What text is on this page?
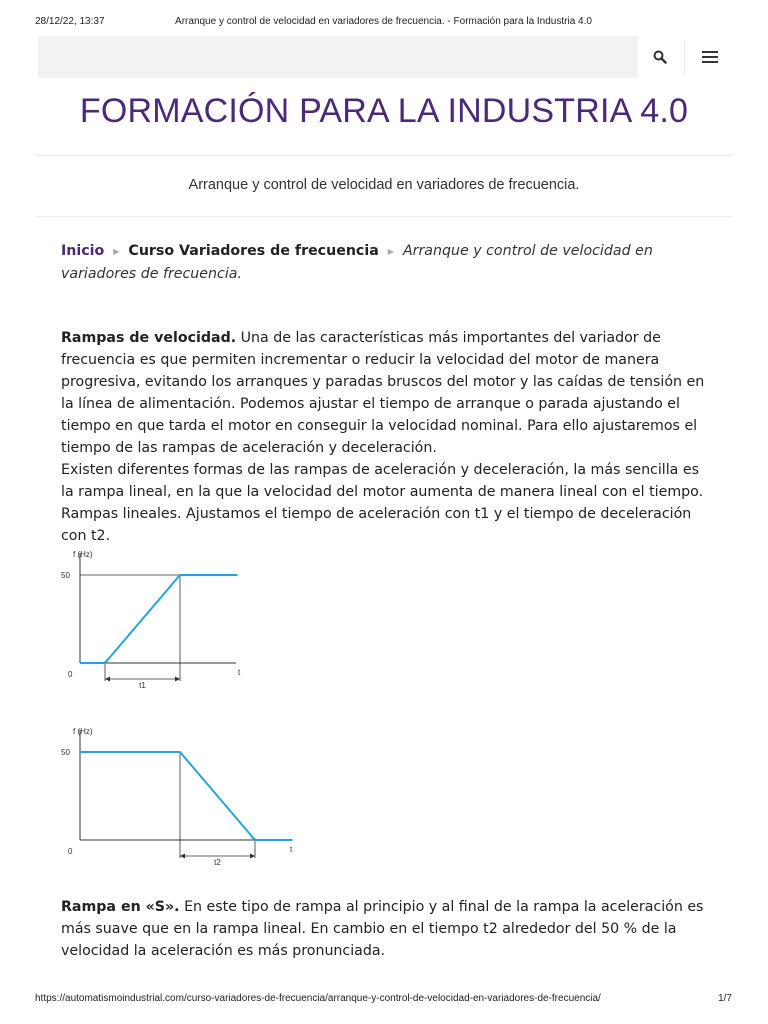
28/12/22, 13:37	Arranque y control de velocidad en variadores de frecuencia. - Formación para la Industria 4.0
FORMACIÓN PARA LA INDUSTRIA 4.0
Arranque y control de velocidad en variadores de frecuencia.
Inicio ▶ Curso Variadores de frecuencia ▶ Arranque y control de velocidad en variadores de frecuencia.

Rampas de velocidad. Una de las características más importantes del variador de frecuencia es que permiten incrementar o reducir la velocidad del motor de manera progresiva, evitando los arranques y paradas bruscos del motor y las caídas de tensión en la línea de alimentación. Podemos ajustar el tiempo de arranque o parada ajustando el tiempo en que tarda el motor en conseguir la velocidad nominal. Para ello ajustaremos el tiempo de las rampas de aceleración y deceleración.

Existen diferentes formas de las rampas de aceleración y deceleración, la más sencilla es la rampa lineal, en la que la velocidad del motor aumenta de manera lineal con el tiempo.

Rampas lineales. Ajustamos el tiempo de aceleración con t1 y el tiempo de deceleración con t2.

f (Hz)
t
50
0
t1
f (Hz)
t
50
0
t2

Rampa en «S». En este tipo de rampa al principio y al final de la rampa la aceleración es más suave que en la rampa lineal. En cambio en el tiempo t2 alrededor del 50 % de la velocidad la aceleración es más pronunciada.

https://automatismoindustrial.com/curso-variadores-de-frecuencia/arranque-y-control-de-velocidad-en-variadores-de-frecuencia/	1/7
